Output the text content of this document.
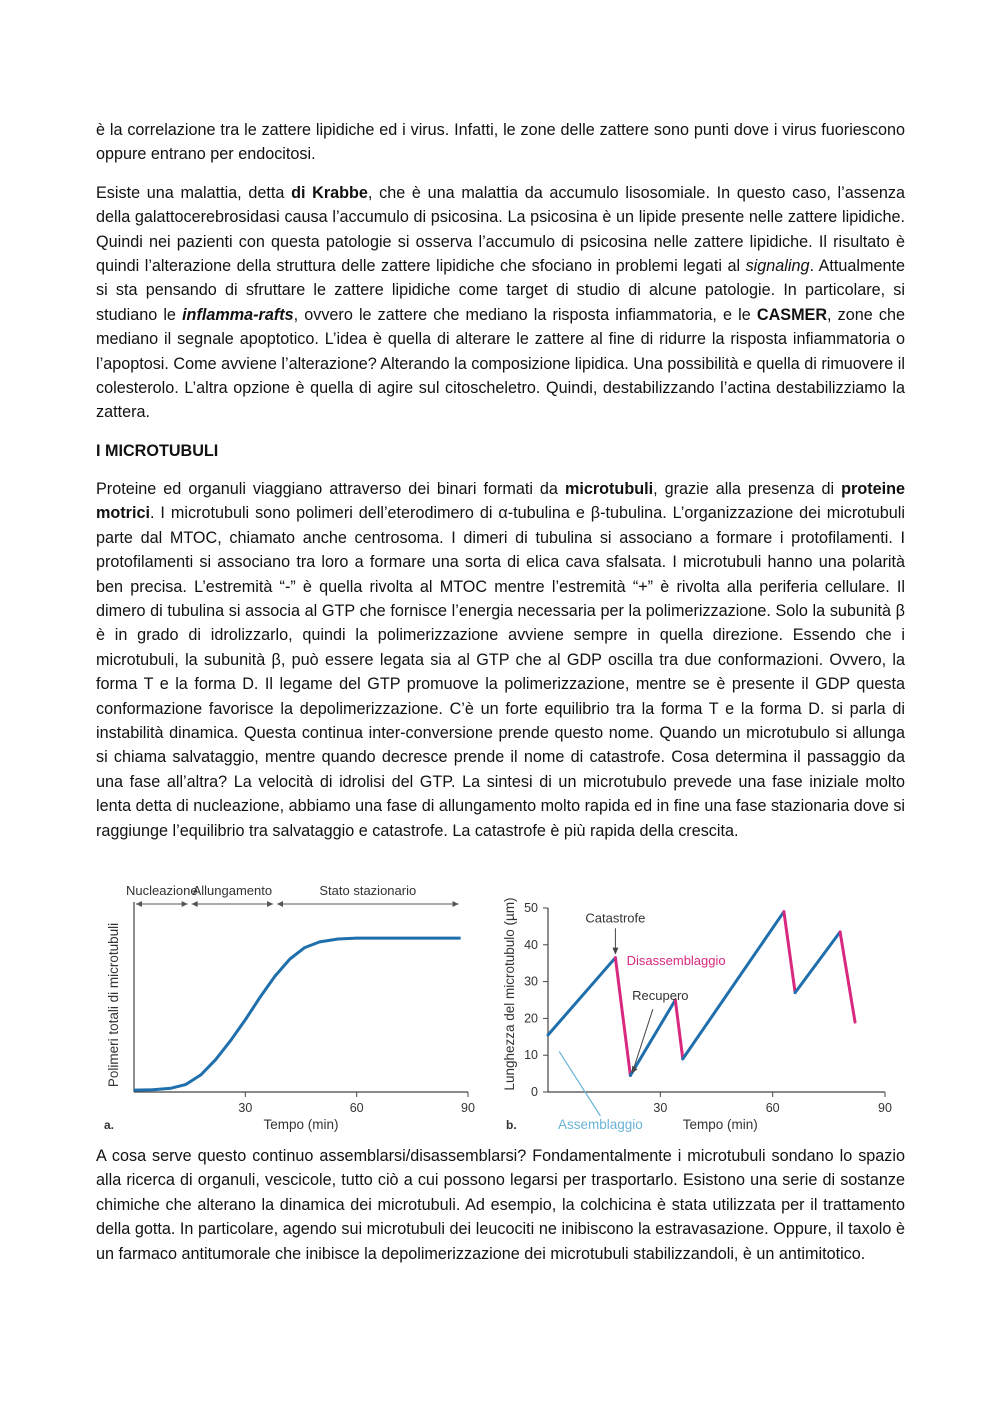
è la correlazione tra le zattere lipidiche ed i virus. Infatti, le zone delle zattere sono punti dove i virus fuoriescono oppure entrano per endocitosi.

Esiste una malattia, detta di Krabbe, che è una malattia da accumulo lisosomiale. In questo caso, l’assenza della galattocerebrosidasi causa l’accumulo di psicosina. La psicosina è un lipide presente nelle zattere lipidiche. Quindi nei pazienti con questa patologie si osserva l’accumulo di psicosina nelle zattere lipidiche. Il risultato è quindi l’alterazione della struttura delle zattere lipidiche che sfociano in problemi legati al signaling. Attualmente si sta pensando di sfruttare le zattere lipidiche come target di studio di alcune patologie. In particolare, si studiano le inflamma-rafts, ovvero le zattere che mediano la risposta infiammatoria, e le CASMER, zone che mediano il segnale apoptotico. L’idea è quella di alterare le zattere al fine di ridurre la risposta infiammatoria o l’apoptosi. Come avviene l’alterazione? Alterando la composizione lipidica. Una possibilità e quella di rimuovere il colesterolo. L’altra opzione è quella di agire sul citoscheletro. Quindi, destabilizzando l’actina destabilizziamo la zattera.

I MICROTUBULI

Proteine ed organuli viaggiano attraverso dei binari formati da microtubuli, grazie alla presenza di proteine motrici. I microtubuli sono polimeri dell’eterodimero di α-tubulina e β-tubulina. L’organizzazione dei microtubuli parte dal MTOC, chiamato anche centrosoma. I dimeri di tubulina si associano a formare i protofilamenti. I protofilamenti si associano tra loro a formare una sorta di elica cava sfalsata. I microtubuli hanno una polarità ben precisa. L’estremità “-” è quella rivolta al MTOC mentre l’estremità “+” è rivolta alla periferia cellulare. Il dimero di tubulina si associa al GTP che fornisce l’energia necessaria per la polimerizzazione. Solo la subunità β è in grado di idrolizzarlo, quindi la polimerizzazione avviene sempre in quella direzione. Essendo che i microtubuli, la subunità β, può essere legata sia al GTP che al GDP oscilla tra due conformazioni. Ovvero, la forma T e la forma D. Il legame del GTP promuove la polimerizzazione, mentre se è presente il GDP questa conformazione favorisce la depolimerizzazione. C’è un forte equilibrio tra la forma T e la forma D. si parla di instabilità dinamica. Questa continua inter-conversione prende questo nome. Quando un microtubulo si allunga si chiama salvataggio, mentre quando decresce prende il nome di catastrofe. Cosa determina il passaggio da una fase all’altra? La velocità di idrolisi del GTP. La sintesi di un microtubulo prevede una fase iniziale molto lenta detta di nucleazione, abbiamo una fase di allungamento molto rapida ed in fine una fase stazionaria dove si raggiunge l’equilibrio tra salvataggio e catastrofe. La catastrofe è più rapida della crescita.

30	60	90
Nucleazione
Allungamento	Stato stazionario
Tempo (min)
Polimeri totali di microtubuli
a.
0
10
20
30
40
50
30	60	90
Catastrofe
Disassemblaggio
Recupero
Assemblaggio	Tempo (min)
Lunghezza del microtubulo (µm)
b.

A cosa serve questo continuo assemblarsi/disassemblarsi? Fondamentalmente i microtubuli sondano lo spazio alla ricerca di organuli, vescicole, tutto ciò a cui possono legarsi per trasportarlo. Esistono una serie di sostanze chimiche che alterano la dinamica dei microtubuli. Ad esempio, la colchicina è stata utilizzata per il trattamento della gotta. In particolare, agendo sui microtubuli dei leucociti ne inibiscono la estravasazione. Oppure, il taxolo è un farmaco antitumorale che inibisce la depolimerizzazione dei microtubuli stabilizzandoli, è un antimitotico.
